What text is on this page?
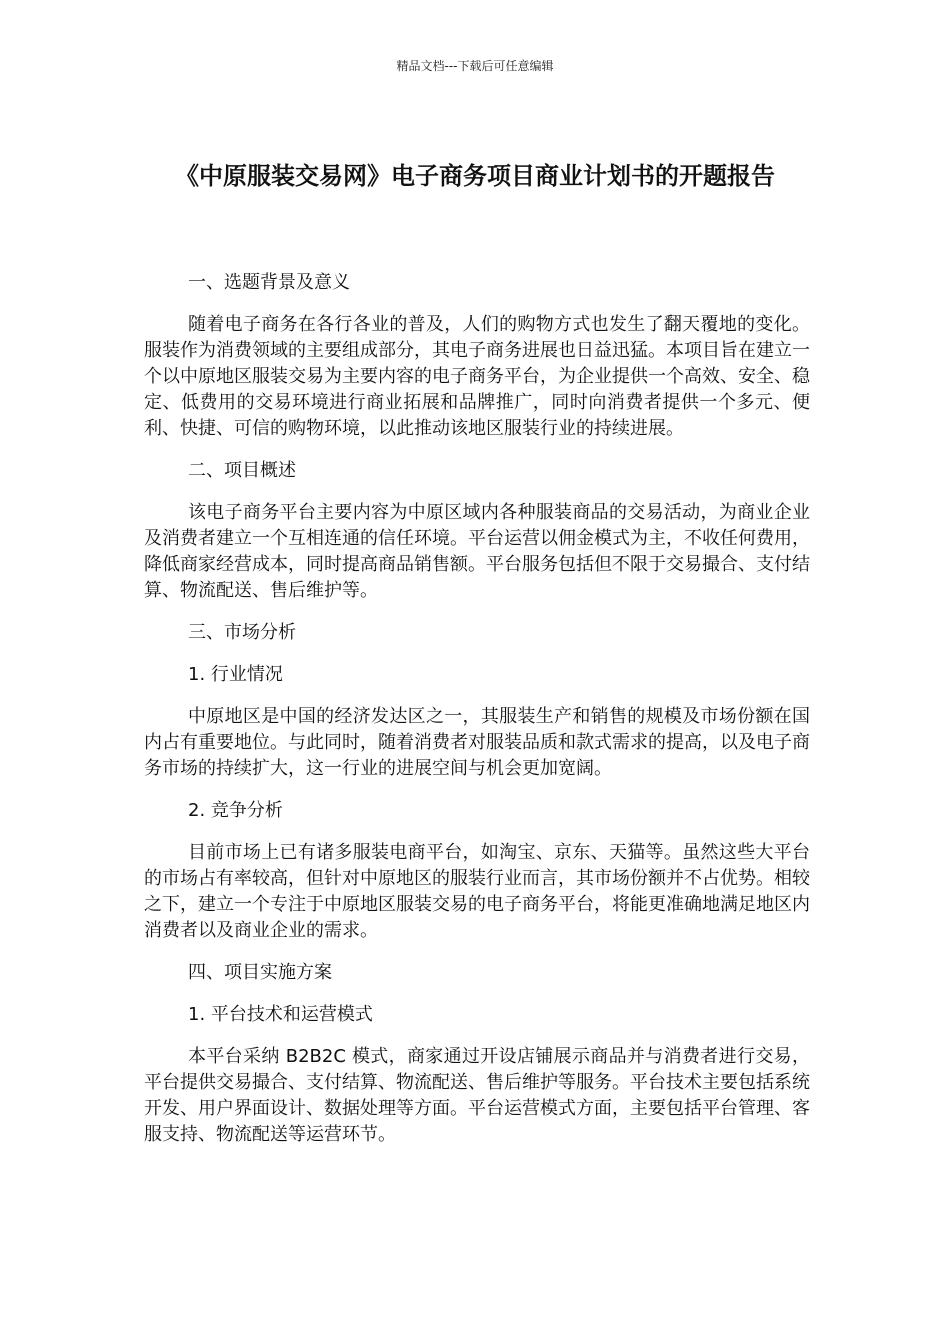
精品文档---下载后可任意编辑
《中原服装交易网》电子商务项目商业计划书的开题报告
一、选题背景及意义

随着电子商务在各行各业的普及，人们的购物方式也发生了翻天覆地的变化。服装作为消费领域的主要组成部分，其电子商务进展也日益迅猛。本项目旨在建立一个以中原地区服装交易为主要内容的电子商务平台，为企业提供一个高效、安全、稳定、低费用的交易环境进行商业拓展和品牌推广，同时向消费者提供一个多元、便利、快捷、可信的购物环境，以此推动该地区服装行业的持续进展。

二、项目概述

该电子商务平台主要内容为中原区域内各种服装商品的交易活动，为商业企业及消费者建立一个互相连通的信任环境。平台运营以佣金模式为主，不收任何费用，降低商家经营成本，同时提高商品销售额。平台服务包括但不限于交易撮合、支付结算、物流配送、售后维护等。

三、市场分析
1. 行业情况

中原地区是中国的经济发达区之一，其服装生产和销售的规模及市场份额在国内占有重要地位。与此同时，随着消费者对服装品质和款式需求的提高，以及电子商务市场的持续扩大，这一行业的进展空间与机会更加宽阔。

2. 竞争分析

目前市场上已有诸多服装电商平台，如淘宝、京东、天猫等。虽然这些大平台的市场占有率较高，但针对中原地区的服装行业而言，其市场份额并不占优势。相较之下，建立一个专注于中原地区服装交易的电子商务平台，将能更准确地满足地区内消费者以及商业企业的需求。

四、项目实施方案
1. 平台技术和运营模式

本平台采纳 B2B2C 模式，商家通过开设店铺展示商品并与消费者进行交易，平台提供交易撮合、支付结算、物流配送、售后维护等服务。平台技术主要包括系统开发、用户界面设计、数据处理等方面。平台运营模式方面，主要包括平台管理、客服支持、物流配送等运营环节。
